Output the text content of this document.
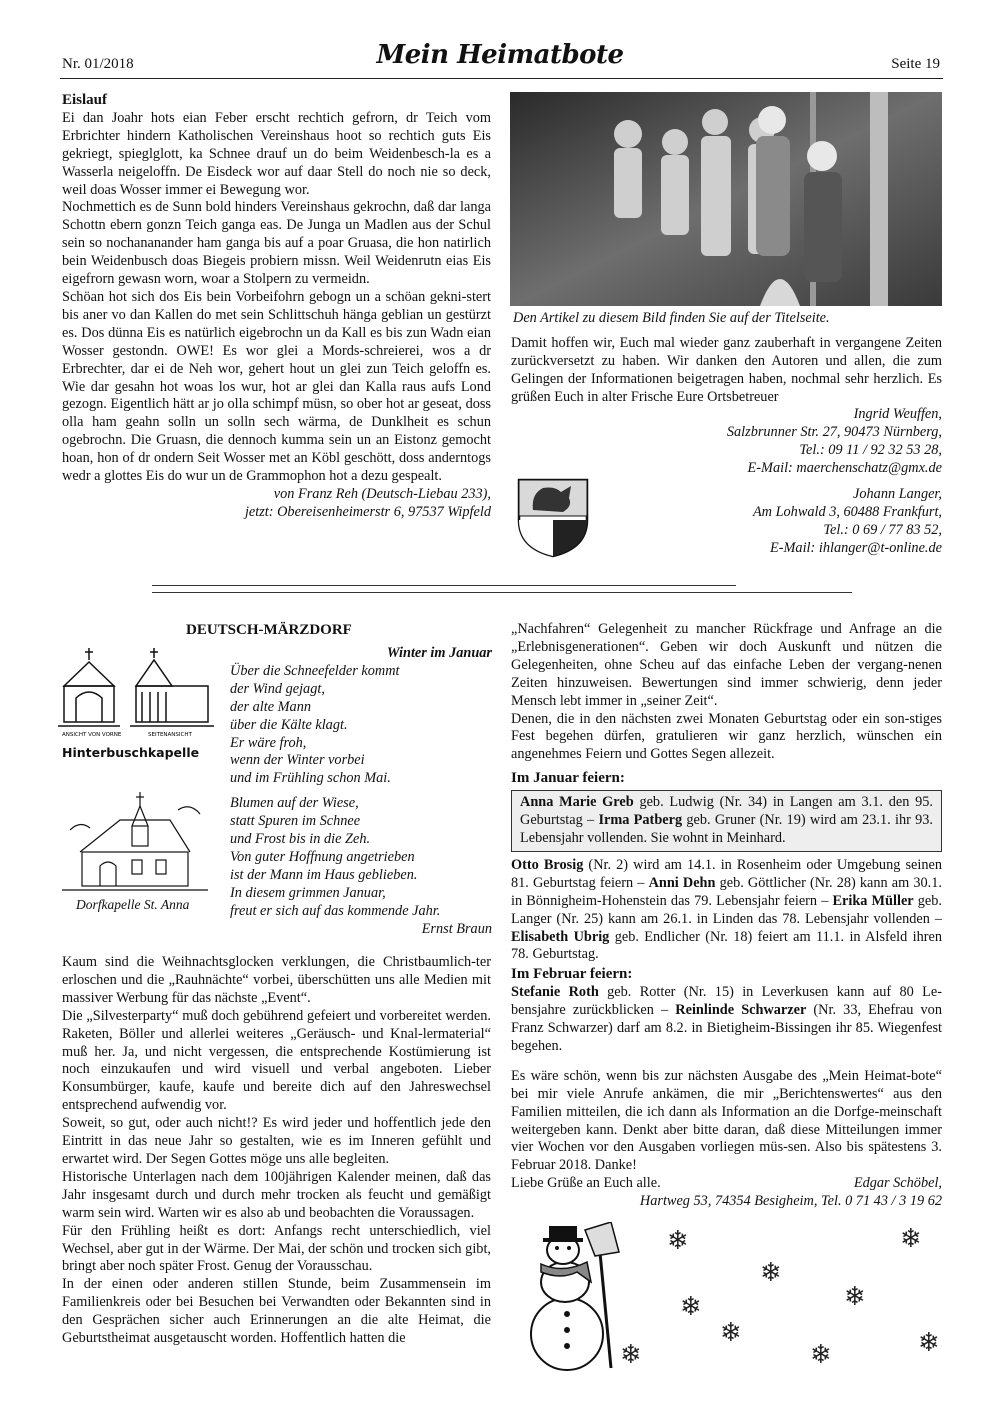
Nr. 01/2018	Mein Heimatbote	Seite 19

Eislauf

Ei dan Joahr hots eian Feber erscht rechtich gefrorn, dr Teich vom Erbrichter hindern Katholischen Vereinshaus hoot so rechtich guts Eis gekriegt, spieglglott, ka Schnee drauf un do beim Weidenbesch-la es a Wasserla neigeloffn. De Eisdeck wor auf daar Stell do noch nie so deck, weil doas Wosser immer ei Bewegung wor.

Nochmettich es de Sunn bold hinders Vereinshaus gekrochn, daß dar langa Schottn ebern gonzn Teich ganga eas. De Junga un Madlen aus der Schul sein so nochananander ham ganga bis auf a poar Gruasa, die hon natirlich bein Weidenbusch doas Biegeis probiern missn. Weil Weidenrutn eias Eis eigefrorn gewasn worn, woar a Stolpern zu vermeidn.

Schöan hot sich dos Eis bein Vorbeifohrn gebogn un a schöan gekni-stert bis aner vo dan Kallen do met sein Schlittschuh hänga geblian un gestürzt es. Dos dünna Eis es natürlich eigebrochn un da Kall es bis zun Wadn eian Wosser gestondn. OWE! Es wor glei a Mords-schreierei, wos a dr Erbrechter, dar ei de Neh wor, gehert hout un glei zun Teich geloffn es. Wie dar gesahn hot woas los wur, hot ar glei dan Kalla raus aufs Lond gezogn. Eigentlich hätt ar jo olla schimpf müsn, so ober hot ar geseat, doss olla ham geahn solln un solln sech wärma, de Dunklheit es schun ogebrochn. Die Gruasn, die dennoch kumma sein un an Eistonz gemocht hoan, hon of dr ondern Seit Wosser met an Köbl geschött, doss anderntogs wedr a glottes Eis do wur un de Grammophon hot a dezu gespealt.

von Franz Reh (Deutsch-Liebau 233),

jetzt: Obereisenheimerstr 6, 97537 Wipfeld

Den Artikel zu diesem Bild finden Sie auf der Titelseite.
Damit hoffen wir, Euch mal wieder ganz zauberhaft in vergangene Zeiten zurückversetzt zu haben. Wir danken den Autoren und allen, die zum Gelingen der Informationen beigetragen haben, nochmal sehr herzlich. Es grüßen Euch in alter Frische Eure Ortsbetreuer

Ingrid Weuffen,

Salzbrunner Str. 27, 90473 Nürnberg,

Tel.: 09 11 / 92 32 53 28,

E-Mail: maerchenschatz@gmx.de

Johann Langer,

Am Lohwald 3, 60488 Frankfurt,

Tel.: 0 69 / 77 83 52,

E-Mail: ihlanger@t-online.de

DEUTSCH-MÄRZDORF
ANSICHT VON VORNE	SEITENANSICHT
Hinterbuschkapelle
Dorfkapelle St. Anna
Winter im Januar
Über die Schneefelder kommt
der Wind gejagt,
der alte Mann
über die Kälte klagt.
Er wäre froh,
wenn der Winter vorbei
und im Frühling schon Mai.
Blumen auf der Wiese,
statt Spuren im Schnee
und Frost bis in die Zeh.
Von guter Hoffnung angetrieben
ist der Mann im Haus geblieben.
In diesem grimmen Januar,
freut er sich auf das kommende Jahr.
Ernst Braun

Kaum sind die Weihnachtsglocken verklungen, die Christbaumlich-ter erloschen und die „Rauhnächte“ vorbei, überschütten uns alle Medien mit massiver Werbung für das nächste „Event“.

Die „Silvesterparty“ muß doch gebührend gefeiert und vorbereitet werden. Raketen, Böller und allerlei weiteres „Geräusch- und Knal-lermaterial“ muß her. Ja, und nicht vergessen, die entsprechende Kostümierung ist noch einzukaufen und wird visuell und verbal angeboten. Lieber Konsumbürger, kaufe, kaufe und bereite dich auf den Jahreswechsel entsprechend aufwendig vor.

Soweit, so gut, oder auch nicht!? Es wird jeder und hoffentlich jede den Eintritt in das neue Jahr so gestalten, wie es im Inneren gefühlt und erwartet wird. Der Segen Gottes möge uns alle begleiten.

Historische Unterlagen nach dem 100jährigen Kalender meinen, daß das Jahr insgesamt durch und durch mehr trocken als feucht und gemäßigt warm sein wird. Warten wir es also ab und beobachten die Voraussagen.

Für den Frühling heißt es dort: Anfangs recht unterschiedlich, viel Wechsel, aber gut in der Wärme. Der Mai, der schön und trocken sich gibt, bringt aber noch später Frost. Genug der Vorausschau.

In der einen oder anderen stillen Stunde, beim Zusammensein im Familienkreis oder bei Besuchen bei Verwandten oder Bekannten sind in den Gesprächen sicher auch Erinnerungen an die alte Heimat, die Geburtstheimat ausgetauscht worden. Hoffentlich hatten die

„Nachfahren“ Gelegenheit zu mancher Rückfrage und Anfrage an die „Erlebnisgenerationen“. Geben wir doch Auskunft und nützen die Gelegenheiten, ohne Scheu auf das einfache Leben der vergang-nenen Zeiten hinzuweisen. Bewertungen sind immer schwierig, denn jeder Mensch lebt immer in „seiner Zeit“.

Denen, die in den nächsten zwei Monaten Geburtstag oder ein son-stiges Fest begehen dürfen, gratulieren wir ganz herzlich, wünschen ein angenehmes Feiern und Gottes Segen allezeit.

Im Januar feiern:

Anna Marie Greb geb. Ludwig (Nr. 34) in Langen am 3.1. den 95. Geburtstag – Irma Patberg geb. Gruner (Nr. 19) wird am 23.1. ihr 93. Lebensjahr vollenden. Sie wohnt in Meinhard.

Otto Brosig (Nr. 2) wird am 14.1. in Rosenheim oder Umgebung seinen 81. Geburtstag feiern – Anni Dehn geb. Göttlicher (Nr. 28) kann am 30.1. in Bönnigheim-Hohenstein das 79. Lebensjahr feiern – Erika Müller geb. Langer (Nr. 25) kann am 26.1. in Linden das 78. Lebensjahr vollenden – Elisabeth Ubrig geb. Endlicher (Nr. 18) feiert am 11.1. in Alsfeld ihren 78. Geburtstag.

Im Februar feiern:

Stefanie Roth geb. Rotter (Nr. 15) in Leverkusen kann auf 80 Le-bensjahre zurückblicken – Reinlinde Schwarzer (Nr. 33, Ehefrau von Franz Schwarzer) darf am 8.2. in Bietigheim-Bissingen ihr 85. Wiegenfest begehen.

Es wäre schön, wenn bis zur nächsten Ausgabe des „Mein Heimat-bote“ bei mir viele Anrufe ankämen, die mir „Berichtenswertes“ aus den Familien mitteilen, die ich dann als Information an die Dorfge-meinschaft weitergeben kann. Denkt aber bitte daran, daß diese Mitteilungen immer vier Wochen vor den Ausgaben vorliegen müs-sen. Also bis spätestens 3. Februar 2018. Danke!

Liebe Grüße an Euch alle.	Edgar Schöbel,

Hartweg 53, 74354 Besigheim, Tel. 0 71 43 / 3 19 62

❄	❄
❄
❄
❄
❄
❄
❄	❄
